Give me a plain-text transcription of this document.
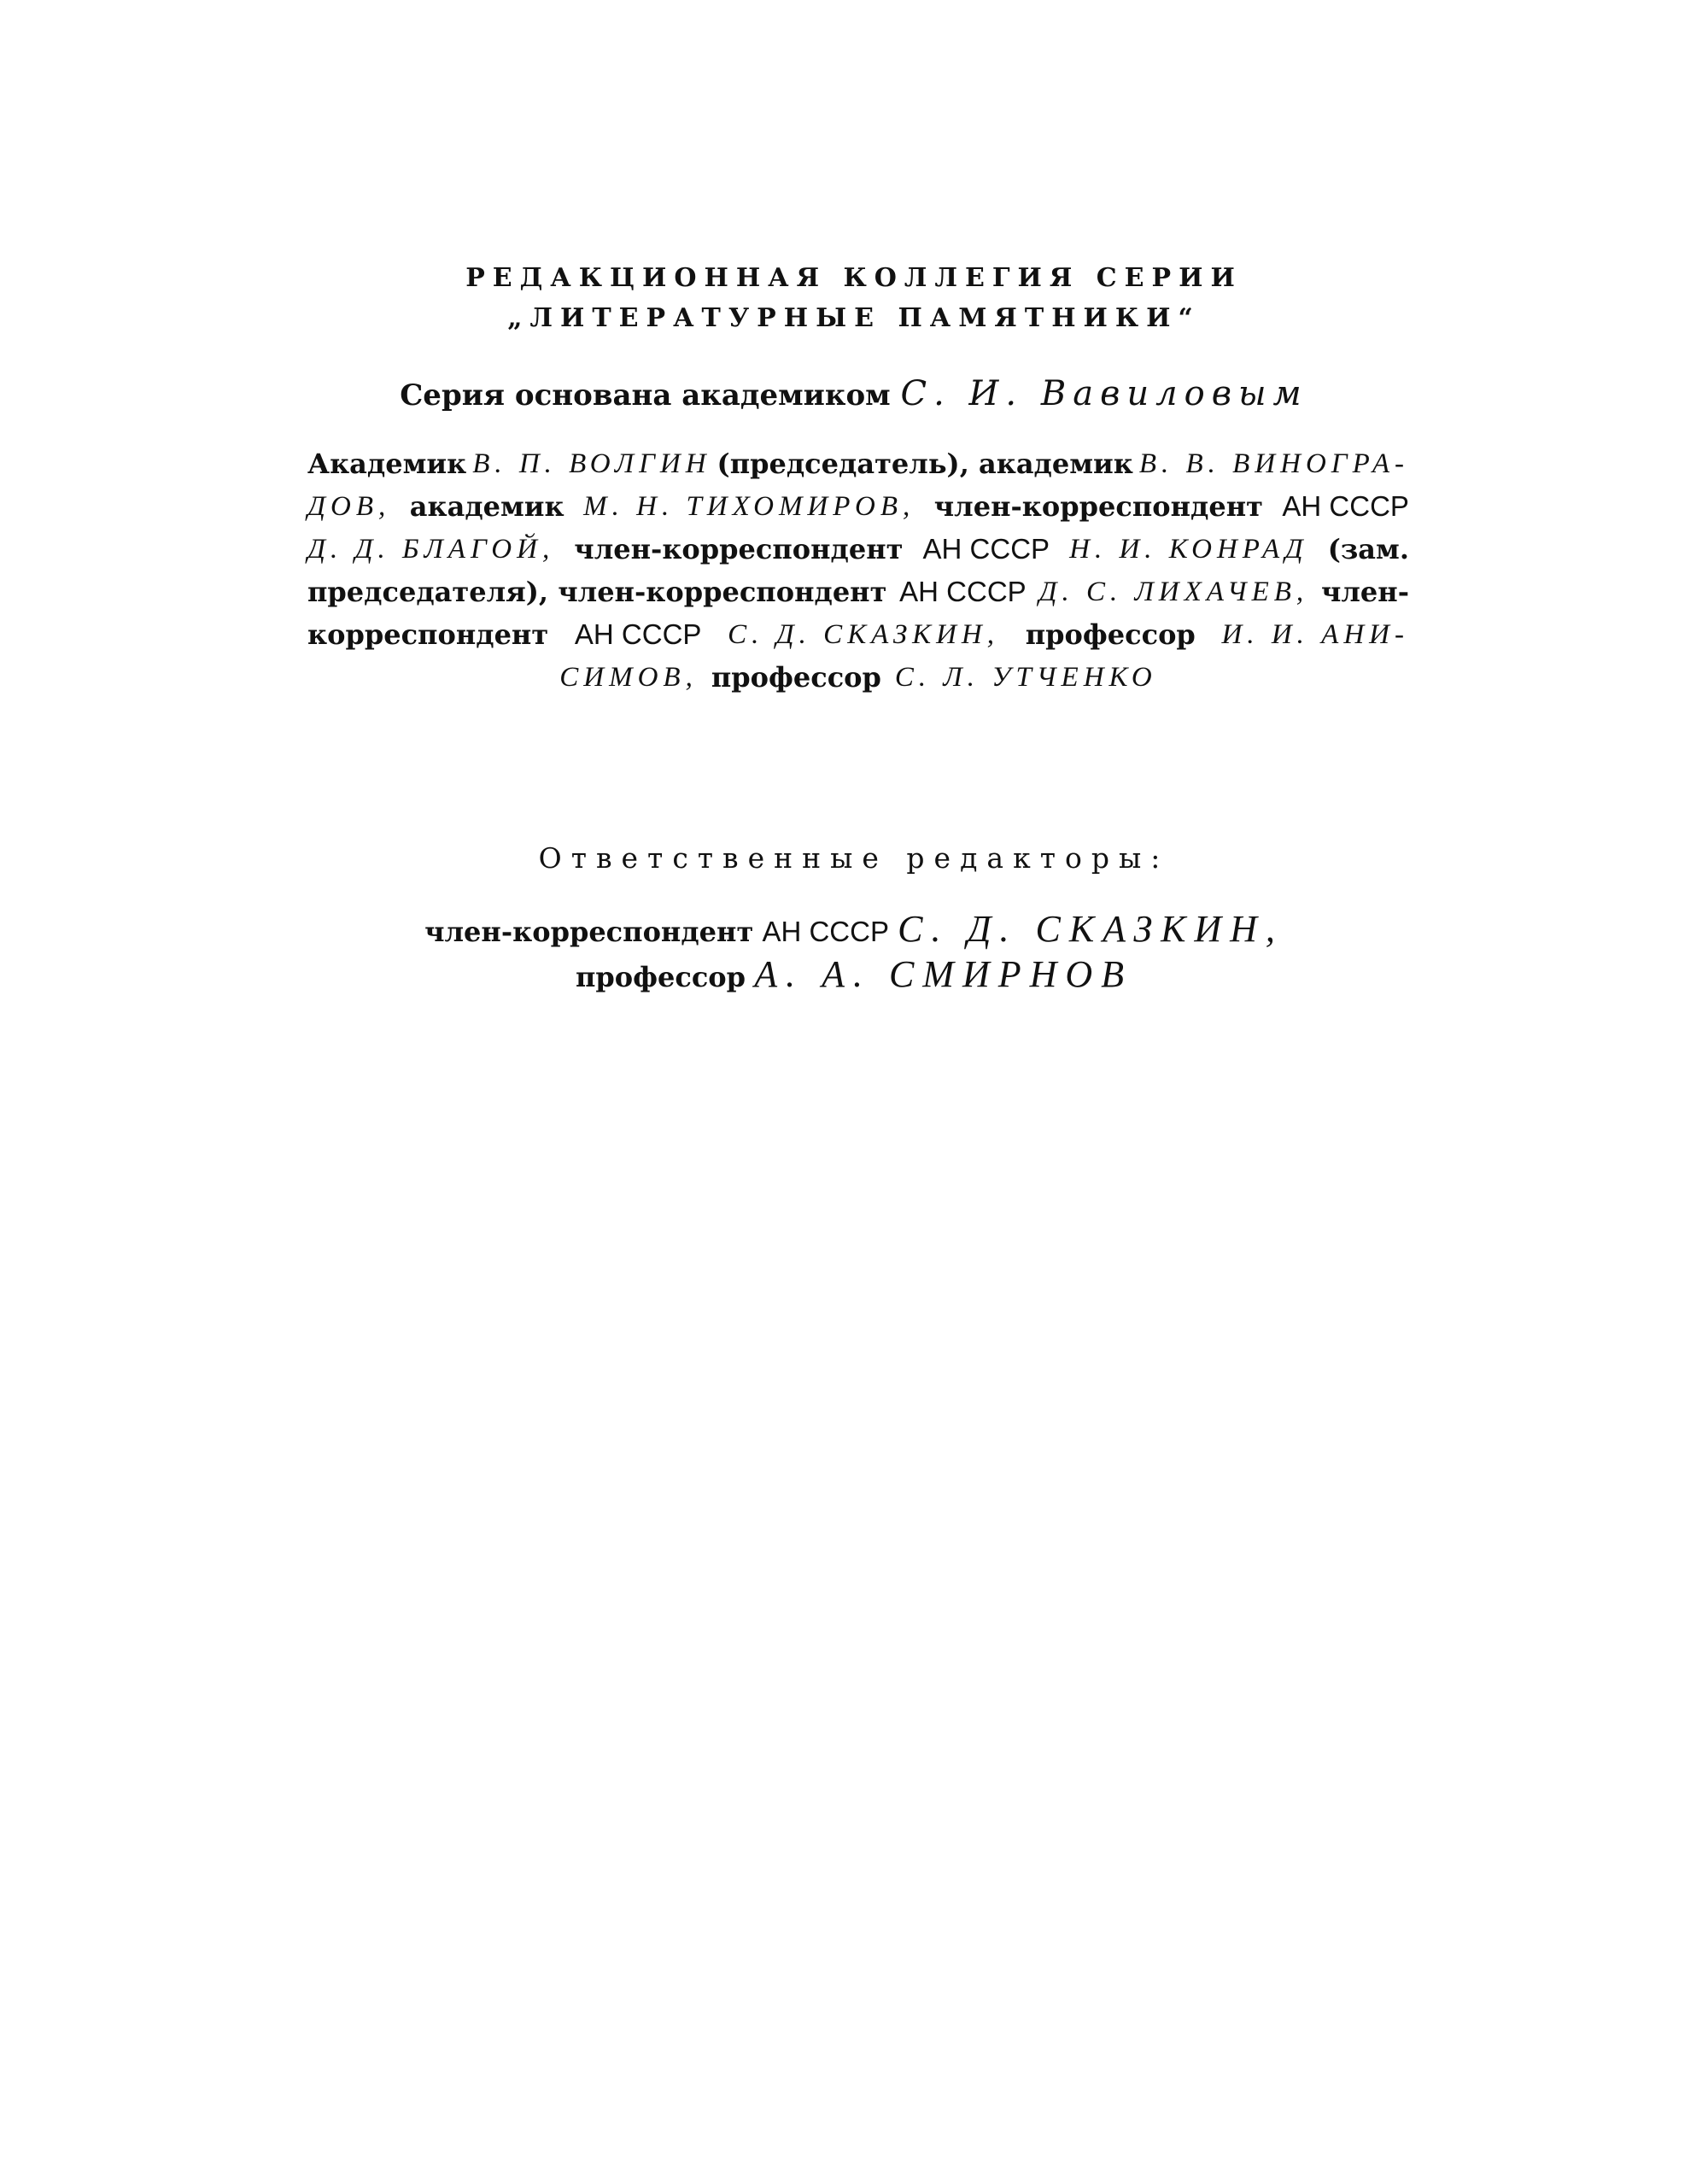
РЕДАКЦИОННАЯ КОЛЛЕГИЯ СЕРИИ
„ЛИТЕРАТУРНЫЕ ПАМЯТНИКИ“
Серия основана академиком С. И. Вавиловым
Академик В. П. ВОЛГИН (председатель), академик В. В. ВИНОГРА-
ДОВ, академик М. Н. ТИХОМИРОВ, член-корреспондент АН СССР
Д. Д. БЛАГОЙ, член-корреспондент АН СССР Н. И. КОНРАД (зам.
председателя), член-корреспондент АН СССР Д. С. ЛИХАЧЕВ, член-
корреспондент АН СССР С. Д. СКАЗКИН, профессор И. И. АНИ-
СИМОВ, профессор С. Л. УТЧЕНКО
Ответственные редакторы:
член-корреспондент АН СССР С. Д. СКАЗКИН,
профессор А. А. СМИРНОВ
